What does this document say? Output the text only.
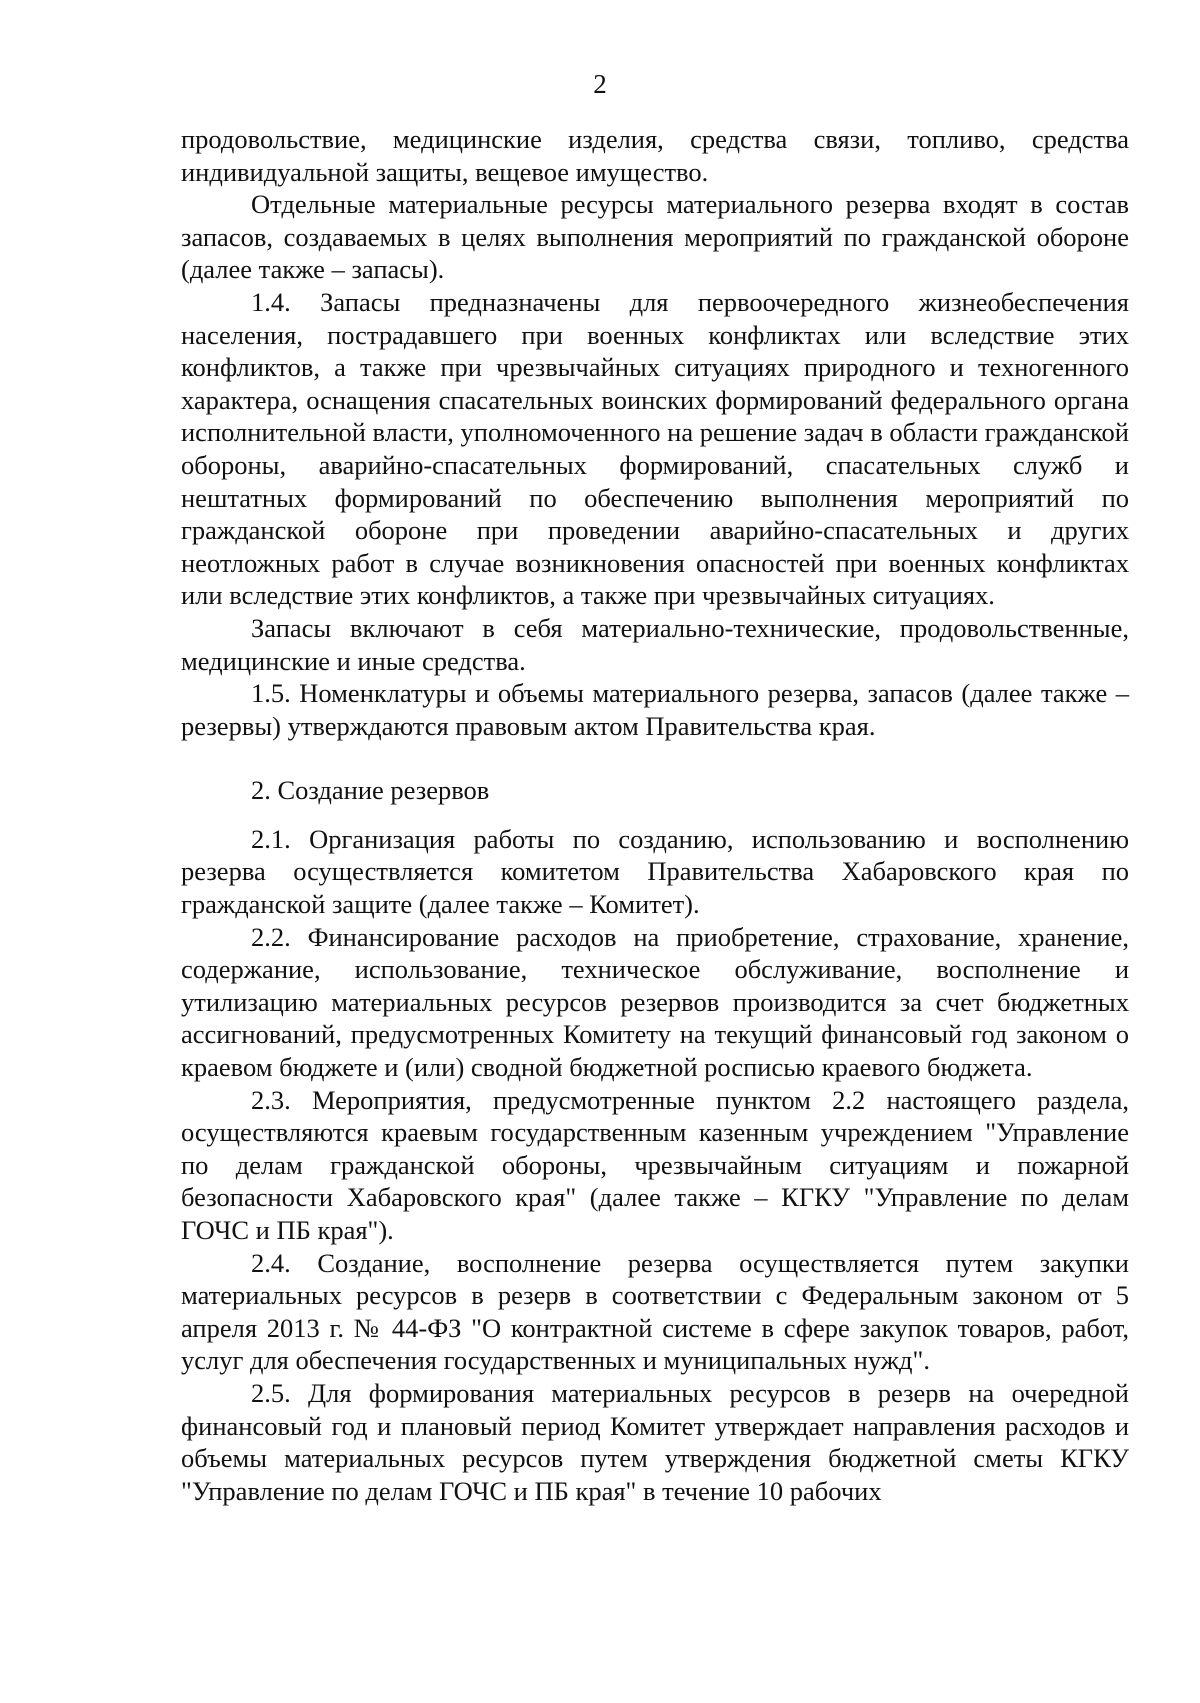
2

продовольствие, медицинские изделия, средства связи, топливо, средства индивидуальной защиты, вещевое имущество.

Отдельные материальные ресурсы материального резерва входят в состав запасов, создаваемых в целях выполнения мероприятий по гражданской обороне (далее также – запасы).

1.4. Запасы предназначены для первоочередного жизнеобеспечения населения, пострадавшего при военных конфликтах или вследствие этих конфликтов, а также при чрезвычайных ситуациях природного и техногенного характера, оснащения спасательных воинских формирований федерального органа исполнительной власти, уполномоченного на решение задач в области гражданской обороны, аварийно-спасательных формирований, спасательных служб и нештатных формирований по обеспечению выполнения мероприятий по гражданской обороне при проведении аварийно-спасательных и других неотложных работ в случае возникновения опасностей при военных конфликтах или вследствие этих конфликтов, а также при чрезвычайных ситуациях.

Запасы включают в себя материально-технические, продовольственные, медицинские и иные средства.

1.5. Номенклатуры и объемы материального резерва, запасов (далее также – резервы) утверждаются правовым актом Правительства края.

2. Создание резервов

2.1. Организация работы по созданию, использованию и восполнению резерва осуществляется комитетом Правительства Хабаровского края по гражданской защите (далее также – Комитет).

2.2. Финансирование расходов на приобретение, страхование, хранение, содержание, использование, техническое обслуживание, восполнение и утилизацию материальных ресурсов резервов производится за счет бюджетных ассигнований, предусмотренных Комитету на текущий финансовый год законом о краевом бюджете и (или) сводной бюджетной росписью краевого бюджета.

2.3. Мероприятия, предусмотренные пунктом 2.2 настоящего раздела, осуществляются краевым государственным казенным учреждением "Управление по делам гражданской обороны, чрезвычайным ситуациям и пожарной безопасности Хабаровского края" (далее также – КГКУ "Управление по делам ГОЧС и ПБ края").

2.4. Создание, восполнение резерва осуществляется путем закупки материальных ресурсов в резерв в соответствии с Федеральным законом от 5 апреля 2013 г. № 44-ФЗ "О контрактной системе в сфере закупок товаров, работ, услуг для обеспечения государственных и муниципальных нужд".

2.5. Для формирования материальных ресурсов в резерв на очередной финансовый год и плановый период Комитет утверждает направления расходов и объемы материальных ресурсов путем утверждения бюджетной сметы КГКУ "Управление по делам ГОЧС и ПБ края" в течение 10 рабочих
